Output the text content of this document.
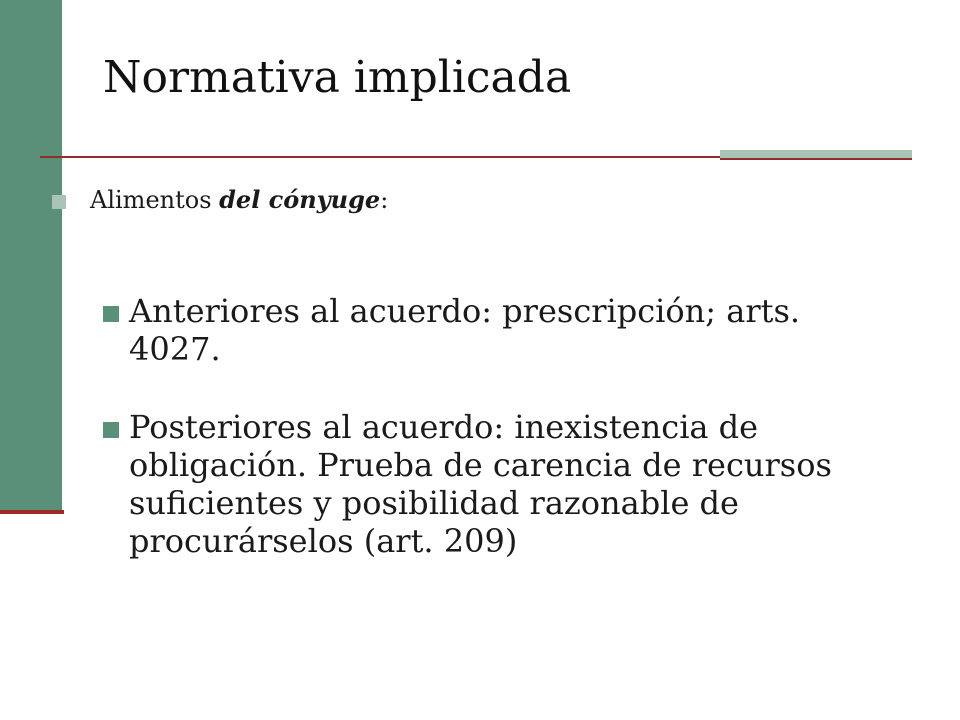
Normativa implicada
Alimentos del cónyuge:
Anteriores al acuerdo: prescripción; arts. 4027.
Posteriores al acuerdo: inexistencia de obligación. Prueba de carencia de recursos suficientes y posibilidad razonable de procurárselos (art. 209)
